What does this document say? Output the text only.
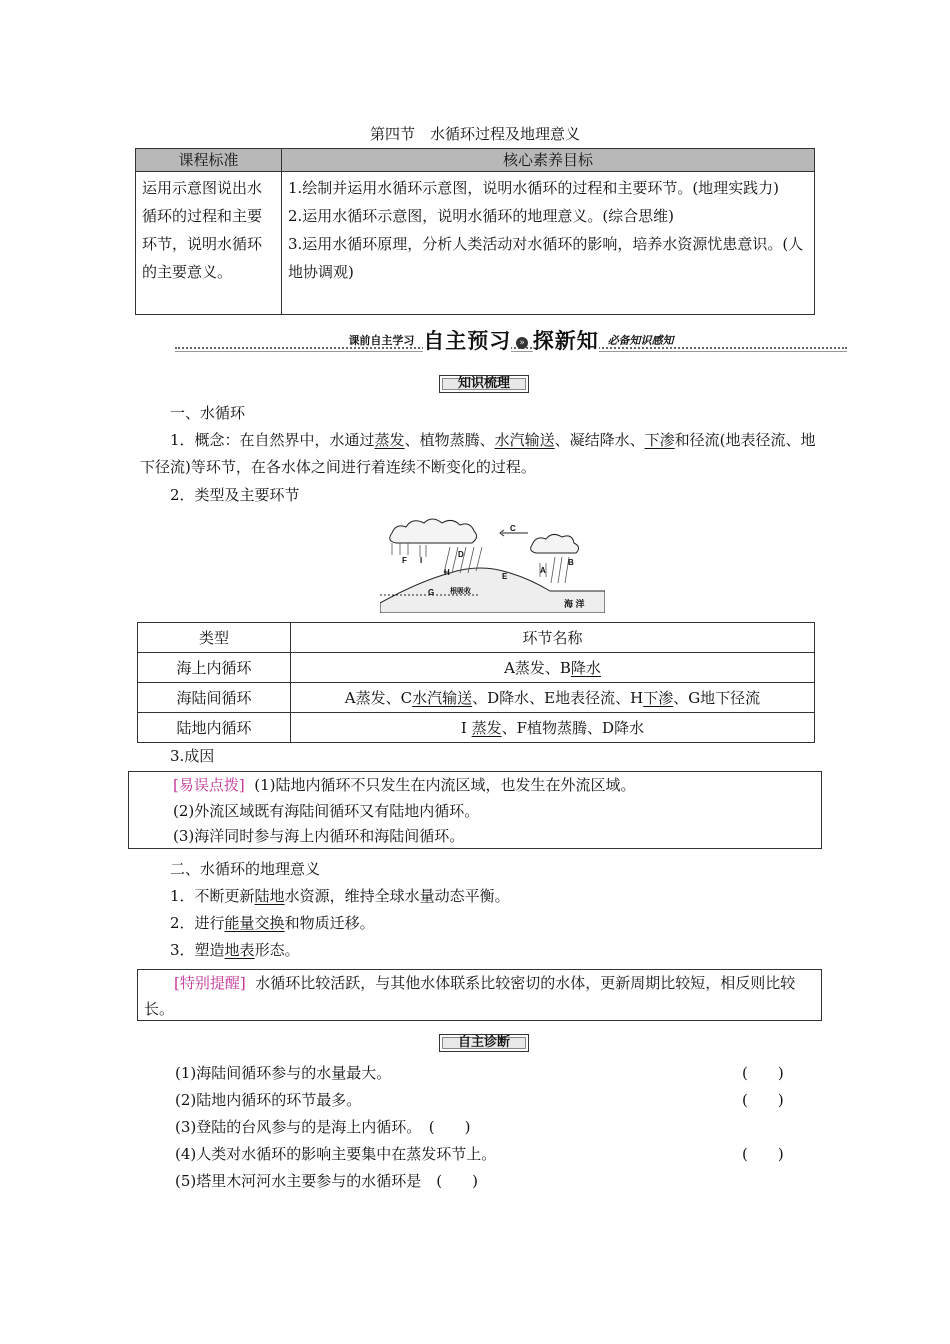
第四节　水循环过程及地理意义
课程标准	核心素养目标
运用示意图说出水循环的过程和主要环节，说明水循环的主要意义。	1.绘制并运用水循环示意图，说明水循环的过程和主要环节。(地理实践力)
2.运用水循环示意图，说明水循环的地理意义。(综合思维)
3.运用水循环原理，分析人类活动对水循环的影响，培养水资源忧患意识。(人地协调观)
$^{课前自主学习}$ 自主预习 » 探新知 $^{必备知识感知}$
知识梳理
一、水循环
1．概念：在自然界中，水通过蒸发、植物蒸腾、水汽输送、凝结降水、下渗和径流(地表径流、地下径流)等环节，在各水体之间进行着连续不断变化的过程。
2．类型及主要环节
A
B
C
D
E
F
G
H
I
根吸收
海 洋
类型	环节名称
海上内循环	A蒸发、B降水
海陆间循环	A蒸发、C水汽输送、D降水、E地表径流、H下渗、G地下径流
陆地内循环	I 蒸发、F植物蒸腾、D降水
3.成因
[易误点拨] (1)陆地内循环不只发生在内流区域，也发生在外流区域。
(2)外流区域既有海陆间循环又有陆地内循环。
(3)海洋同时参与海上内循环和海陆间循环。
二、水循环的地理意义
1．不断更新陆地水资源，维持全球水量动态平衡。
2．进行能量交换和物质迁移。
3．塑造地表形态。
[特别提醒] 水循环比较活跃，与其他水体联系比较密切的水体，更新周期比较短，相反则比较长。
自主诊断
(1)海陆间循环参与的水量最大。	(　　)
(2)陆地内循环的环节最多。	(　　)
(3)登陆的台风参与的是海上内循环。　(　　)
(4)人类对水循环的影响主要集中在蒸发环节上。	(　　)
(5)塔里木河河水主要参与的水循环是　(　　)
